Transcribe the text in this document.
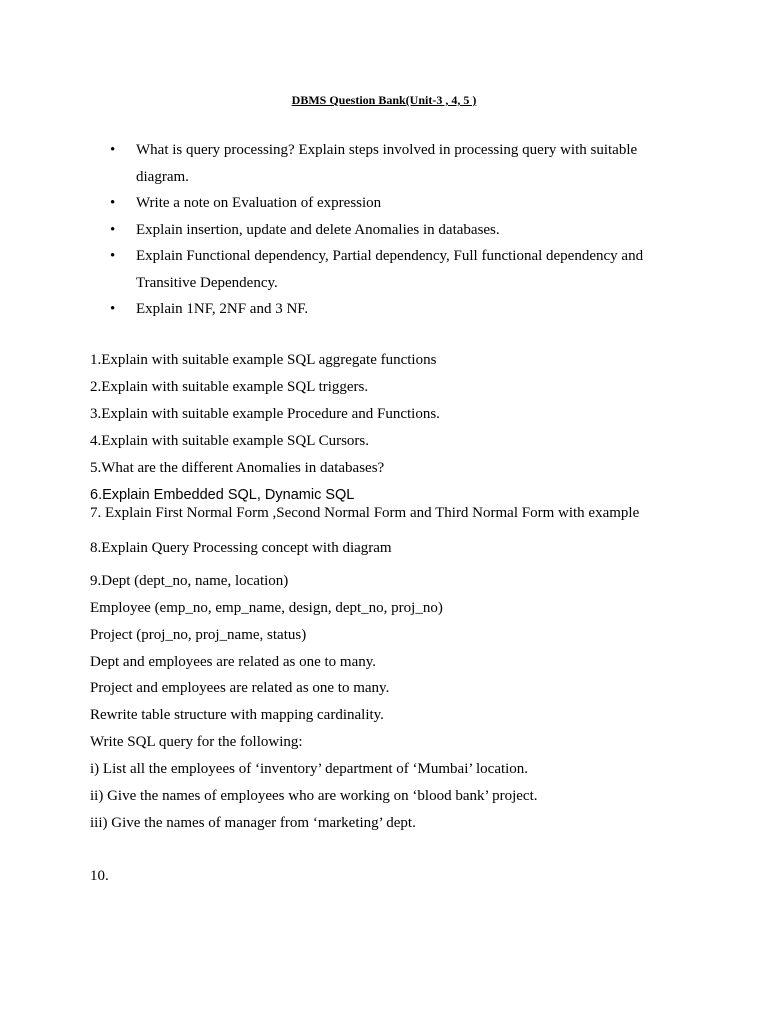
DBMS Question Bank(Unit-3 , 4, 5 )
• What is query processing? Explain steps involved in processing query with suitable diagram.
• Write a note on Evaluation of expression
• Explain insertion, update and delete Anomalies in databases.
• Explain Functional dependency, Partial dependency, Full functional dependency and Transitive Dependency.
• Explain 1NF, 2NF and 3 NF.
1.Explain with suitable example SQL aggregate functions
2.Explain with suitable example SQL triggers.
3.Explain with suitable example Procedure and Functions.
4.Explain with suitable example SQL Cursors.
5.What are the different Anomalies in databases?
6.Explain Embedded SQL, Dynamic SQL
7. Explain First Normal Form ,Second Normal Form and Third Normal Form with example
8.Explain Query Processing concept with diagram
9.Dept (dept_no, name, location)
Employee (emp_no, emp_name, design, dept_no, proj_no)
Project (proj_no, proj_name, status)
Dept and employees are related as one to many.
Project and employees are related as one to many.
Rewrite table structure with mapping cardinality.
Write SQL query for the following:
i) List all the employees of ‘inventory’ department of ‘Mumbai’ location.
ii) Give the names of employees who are working on ‘blood bank’ project.
iii) Give the names of manager from ‘marketing’ dept.
10.
